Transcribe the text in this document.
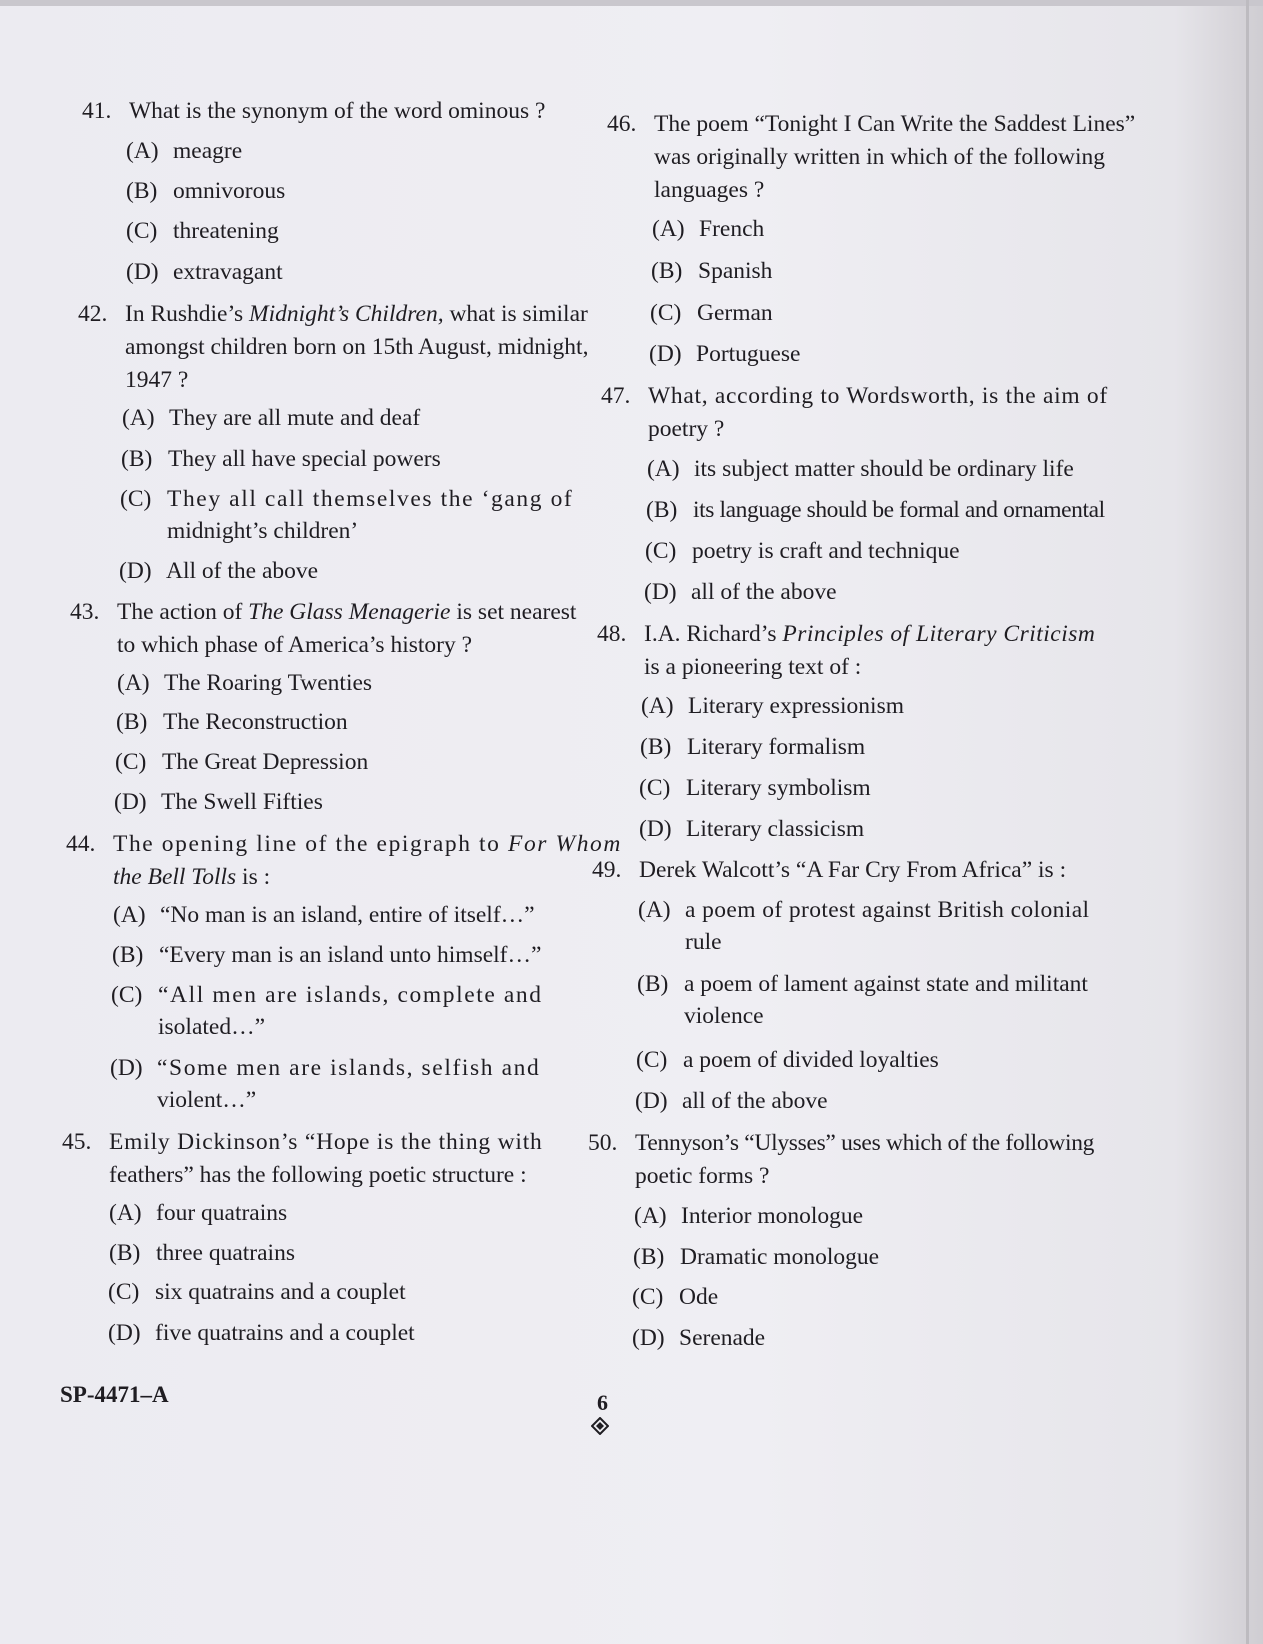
41. What is the synonym of the word ominous ?
(A) meagre
(B) omnivorous
(C) threatening
(D) extravagant
42. In Rushdie’s Midnight’s Children, what is similar
amongst children born on 15th August, midnight,
1947 ?
(A) They are all mute and deaf
(B) They all have special powers
(C) They all call themselves the ‘gang of
midnight’s children’
(D) All of the above
43. The action of The Glass Menagerie is set nearest
to which phase of America’s history ?
(A) The Roaring Twenties
(B) The Reconstruction
(C) The Great Depression
(D) The Swell Fifties
44. The opening line of the epigraph to For Whom
the Bell Tolls is :
(A) “No man is an island, entire of itself…”
(B) “Every man is an island unto himself…”
(C) “All men are islands, complete and
isolated…”
(D) “Some men are islands, selfish and
violent…”
45. Emily Dickinson’s “Hope is the thing with
feathers” has the following poetic structure :
(A) four quatrains
(B) three quatrains
(C) six quatrains and a couplet
(D) five quatrains and a couplet
46. The poem “Tonight I Can Write the Saddest Lines”
was originally written in which of the following
languages ?
(A) French
(B) Spanish
(C) German
(D) Portuguese
47. What, according to Wordsworth, is the aim of
poetry ?
(A) its subject matter should be ordinary life
(B) its language should be formal and ornamental
(C) poetry is craft and technique
(D) all of the above
48. I.A. Richard’s Principles of Literary Criticism
is a pioneering text of :
(A) Literary expressionism
(B) Literary formalism
(C) Literary symbolism
(D) Literary classicism
49. Derek Walcott’s “A Far Cry From Africa” is :
(A) a poem of protest against British colonial
rule
(B) a poem of lament against state and militant
violence
(C) a poem of divided loyalties
(D) all of the above
50. Tennyson’s “Ulysses” uses which of the following
poetic forms ?
(A) Interior monologue
(B) Dramatic monologue
(C) Ode
(D) Serenade
SP-4471–A	6
